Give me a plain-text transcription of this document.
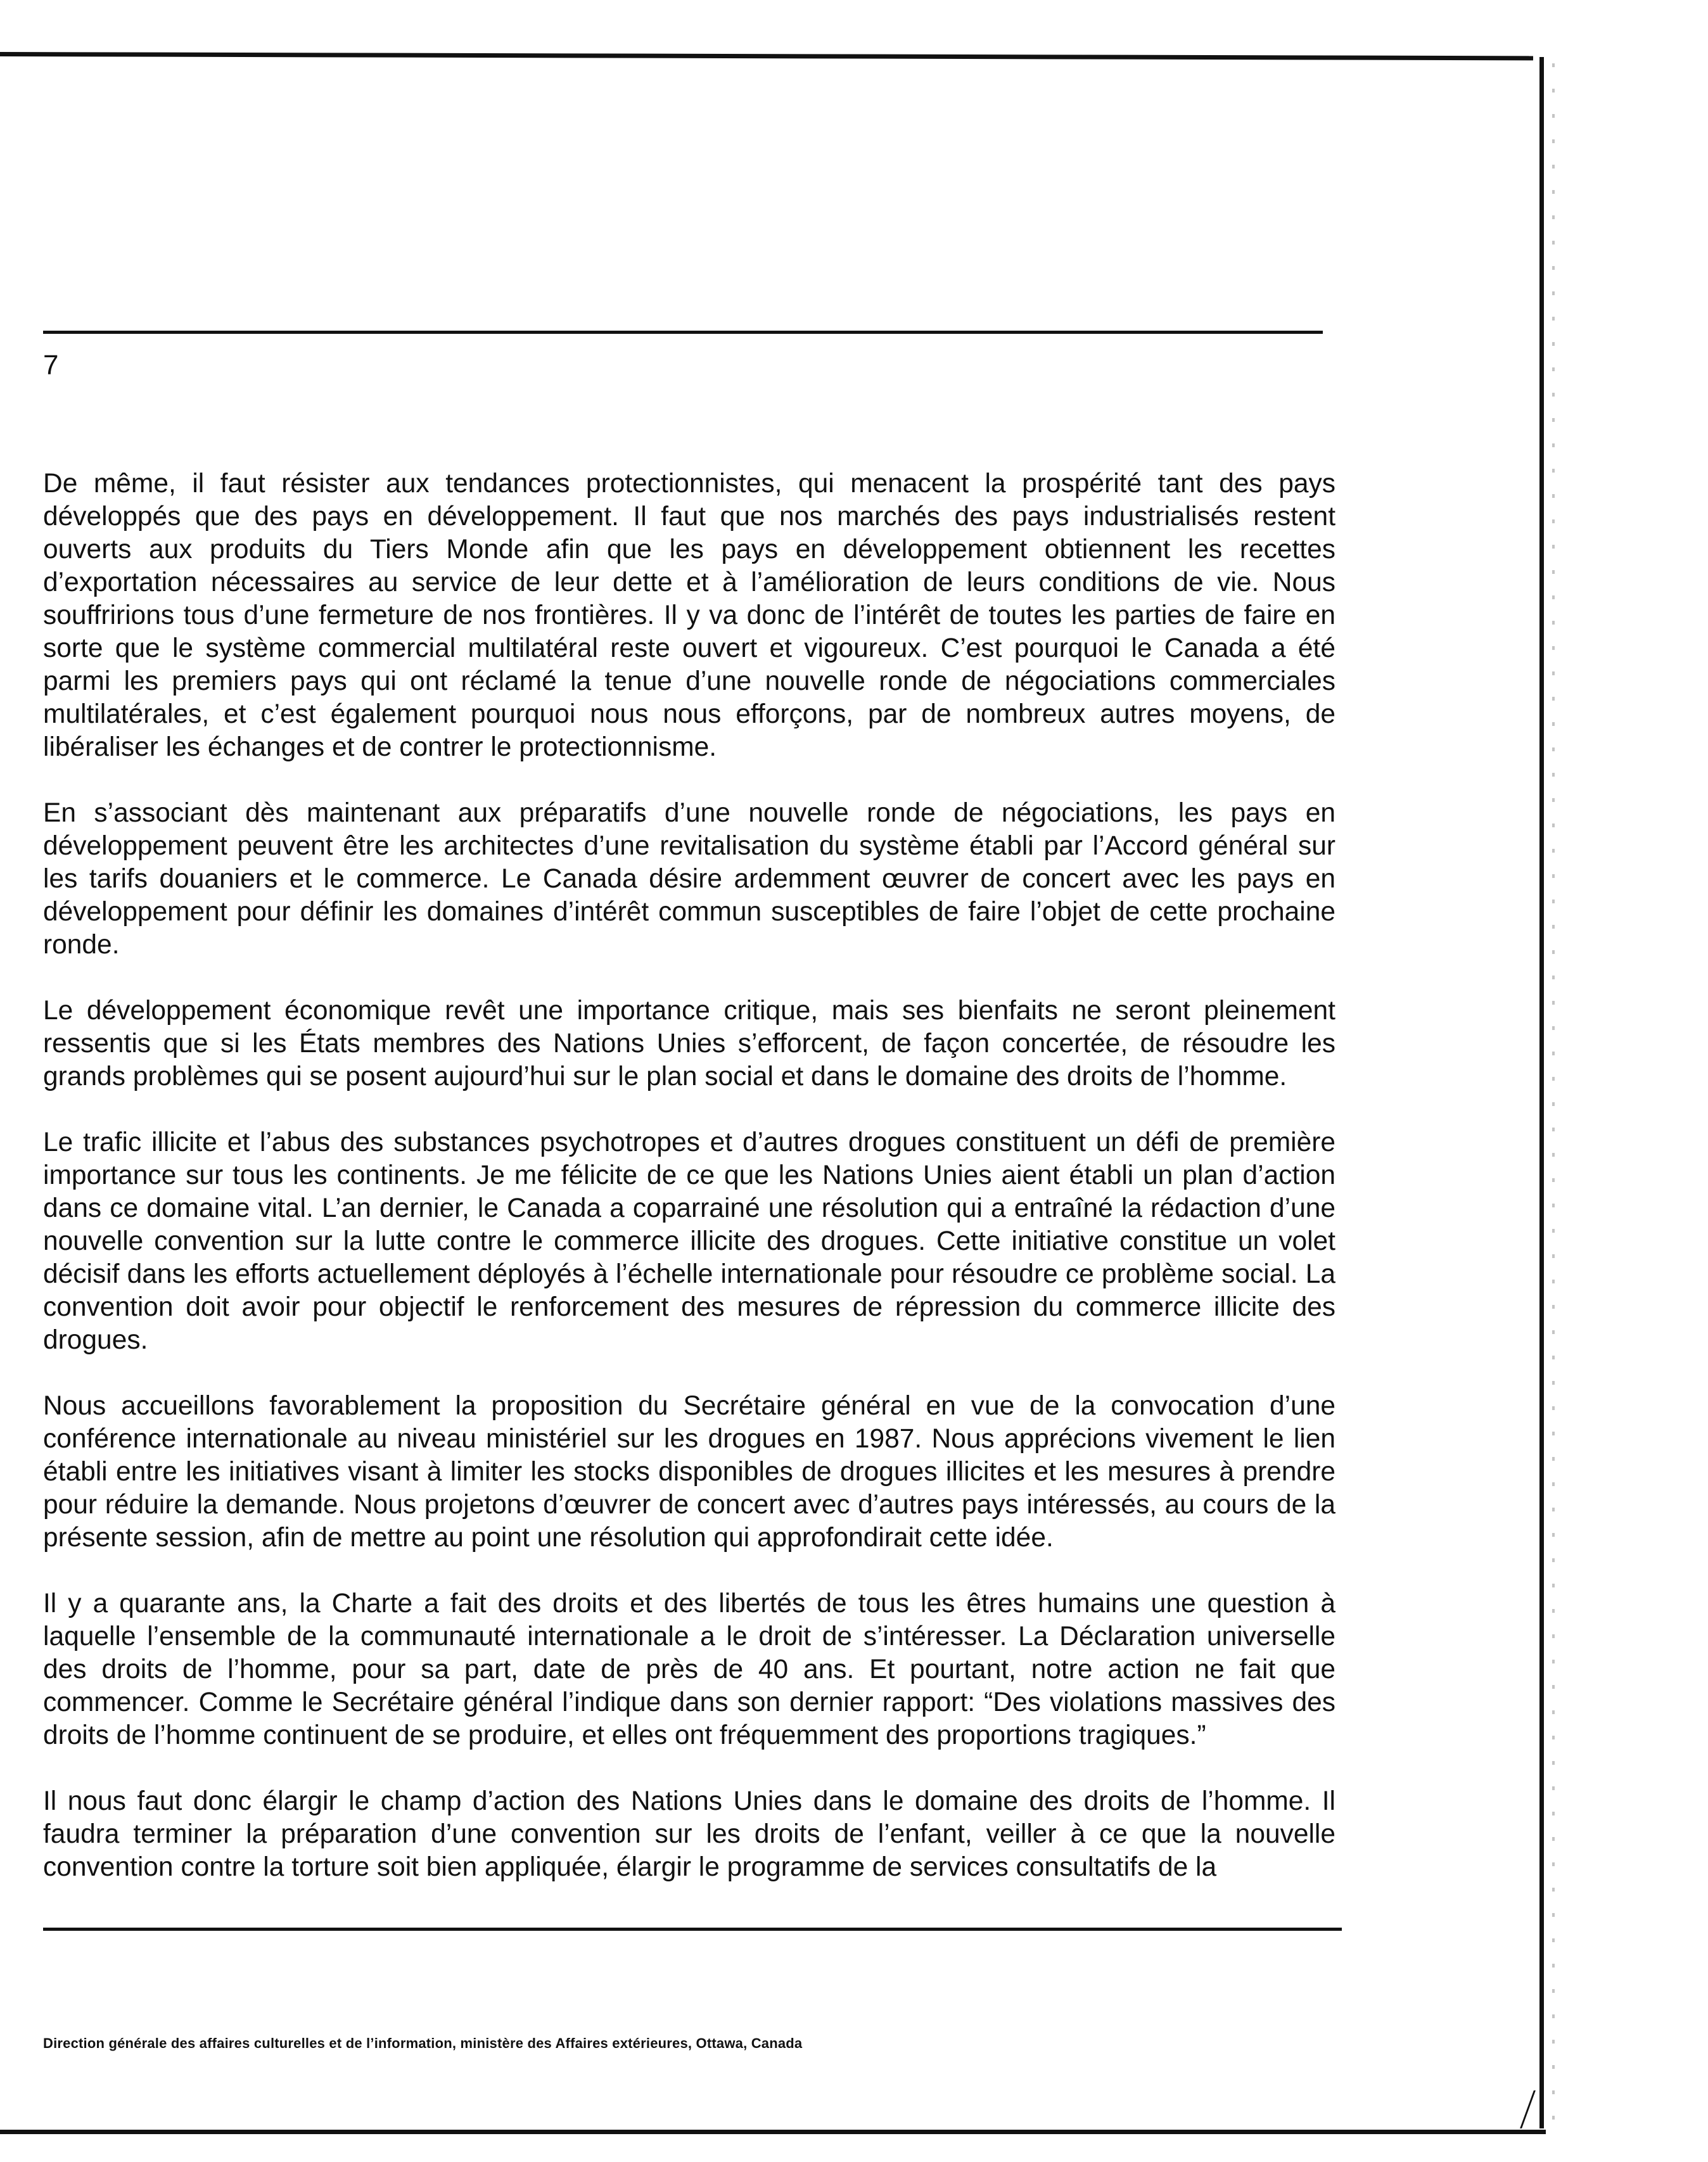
7

De même, il faut résister aux tendances protectionnistes, qui menacent la prospérité tant des pays développés que des pays en développement. Il faut que nos marchés des pays industrialisés restent ouverts aux produits du Tiers Monde afin que les pays en développement obtiennent les recettes d’exportation nécessaires au service de leur dette et à l’amélioration de leurs conditions de vie. Nous souffririons tous d’une fermeture de nos frontières. Il y va donc de l’intérêt de toutes les parties de faire en sorte que le système commercial multilatéral reste ouvert et vigoureux. C’est pourquoi le Canada a été parmi les premiers pays qui ont réclamé la tenue d’une nouvelle ronde de négociations commerciales multilatérales, et c’est également pourquoi nous nous efforçons, par de nombreux autres moyens, de libéraliser les échanges et de contrer le protectionnisme.

En s’associant dès maintenant aux préparatifs d’une nouvelle ronde de négociations, les pays en développement peuvent être les architectes d’une revitalisation du système établi par l’Accord général sur les tarifs douaniers et le commerce. Le Canada désire ardemment œuvrer de concert avec les pays en développement pour définir les domaines d’intérêt commun susceptibles de faire l’objet de cette prochaine ronde.

Le développement économique revêt une importance critique, mais ses bienfaits ne seront pleinement ressentis que si les États membres des Nations Unies s’efforcent, de façon concertée, de résoudre les grands problèmes qui se posent aujourd’hui sur le plan social et dans le domaine des droits de l’homme.

Le trafic illicite et l’abus des substances psychotropes et d’autres drogues constituent un défi de première importance sur tous les continents. Je me félicite de ce que les Nations Unies aient établi un plan d’action dans ce domaine vital. L’an dernier, le Canada a coparrainé une résolution qui a entraîné la rédaction d’une nouvelle convention sur la lutte contre le commerce illicite des drogues. Cette initiative constitue un volet décisif dans les efforts actuellement déployés à l’échelle internationale pour résoudre ce problème social. La convention doit avoir pour objectif le renforcement des mesures de répression du commerce illicite des drogues.

Nous accueillons favorablement la proposition du Secrétaire général en vue de la convocation d’une conférence internationale au niveau ministériel sur les drogues en 1987. Nous apprécions vivement le lien établi entre les initiatives visant à limiter les stocks disponibles de drogues illicites et les mesures à prendre pour réduire la demande. Nous projetons d’œuvrer de concert avec d’autres pays intéressés, au cours de la présente session, afin de mettre au point une résolution qui approfondirait cette idée.

Il y a quarante ans, la Charte a fait des droits et des libertés de tous les êtres humains une question à laquelle l’ensemble de la communauté internationale a le droit de s’intéresser. La Déclaration universelle des droits de l’homme, pour sa part, date de près de 40 ans. Et pourtant, notre action ne fait que commencer. Comme le Secrétaire général l’indique dans son dernier rapport: “Des violations massives des droits de l’homme continuent de se produire, et elles ont fréquemment des proportions tragiques.”

Il nous faut donc élargir le champ d’action des Nations Unies dans le domaine des droits de l’homme. Il faudra terminer la préparation d’une convention sur les droits de l’enfant, veiller à ce que la nouvelle convention contre la torture soit bien appliquée, élargir le programme de services consultatifs de la

Direction générale des affaires culturelles et de l’information, ministère des Affaires extérieures, Ottawa, Canada
